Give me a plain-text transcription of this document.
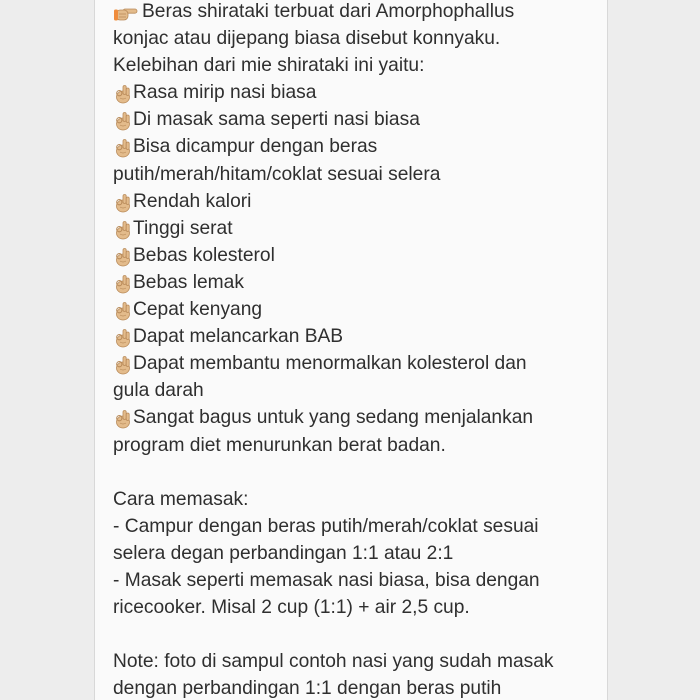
Beras shirataki terbuat dari Amorphophallus
konjac atau dijepang biasa disebut konnyaku.
Kelebihan dari mie shirataki ini yaitu:
Rasa mirip nasi biasa
Di masak sama seperti nasi biasa
Bisa dicampur dengan beras
putih/merah/hitam/coklat sesuai selera
Rendah kalori
Tinggi serat
Bebas kolesterol
Bebas lemak
Cepat kenyang
Dapat melancarkan BAB
Dapat membantu menormalkan kolesterol dan
gula darah
Sangat bagus untuk yang sedang menjalankan
program diet menurunkan berat badan.
Cara memasak:
- Campur dengan beras putih/merah/coklat sesuai
selera degan perbandingan 1:1 atau 2:1
- Masak seperti memasak nasi biasa, bisa dengan
ricecooker. Misal 2 cup (1:1) + air 2,5 cup.
Note: foto di sampul contoh nasi yang sudah masak
dengan perbandingan 1:1 dengan beras putih
